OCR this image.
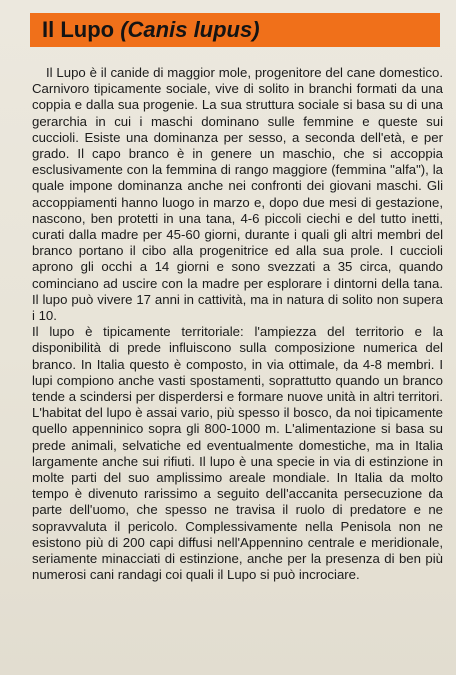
Il Lupo (Canis lupus)

Il Lupo è il canide di maggior mole, progenitore del cane domestico. Carnivoro tipicamente sociale, vive di solito in branchi formati da una coppia e dalla sua progenie. La sua struttura sociale si basa su di una gerarchia in cui i maschi dominano sulle femmine e queste sui cuccioli. Esiste una dominanza per sesso, a seconda dell'età, e per grado. Il capo branco è in genere un maschio, che si accoppia esclusivamente con la femmina di rango maggiore (femmina "alfa"), la quale impone dominanza anche nei confronti dei giovani maschi. Gli accoppiamenti hanno luogo in marzo e, dopo due mesi di gestazione, nascono, ben protetti in una tana, 4-6 piccoli ciechi e del tutto inetti, curati dalla madre per 45-60 giorni, durante i quali gli altri membri del branco portano il cibo alla progenitrice ed alla sua prole. I cuccioli aprono gli occhi a 14 giorni e sono svezzati a 35 circa, quando cominciano ad uscire con la madre per esplorare i dintorni della tana. Il lupo può vivere 17 anni in cattività, ma in natura di solito non supera i 10.

Il lupo è tipicamente territoriale: l'ampiezza del territorio e la disponibilità di prede influiscono sulla composizione numerica del branco. In Italia questo è composto, in via ottimale, da 4-8 membri. I lupi compiono anche vasti spostamenti, soprattutto quando un branco tende a scindersi per disperdersi e formare nuove unità in altri territori. L'habitat del lupo è assai vario, più spesso il bosco, da noi tipicamente quello appenninico sopra gli 800-1000 m. L'alimentazione si basa su prede animali, selvatiche ed eventualmente domestiche, ma in Italia largamente anche sui rifiuti. Il lupo è una specie in via di estinzione in molte parti del suo amplissimo areale mondiale. In Italia da molto tempo è divenuto rarissimo a seguito dell'accanita persecuzione da parte dell'uomo, che spesso ne travisa il ruolo di predatore e ne sopravvaluta il pericolo. Complessivamente nella Penisola non ne esistono più di 200 capi diffusi nell'Appennino centrale e meridionale, seriamente minacciati di estinzione, anche per la presenza di ben più numerosi cani randagi coi quali il Lupo si può incrociare.
